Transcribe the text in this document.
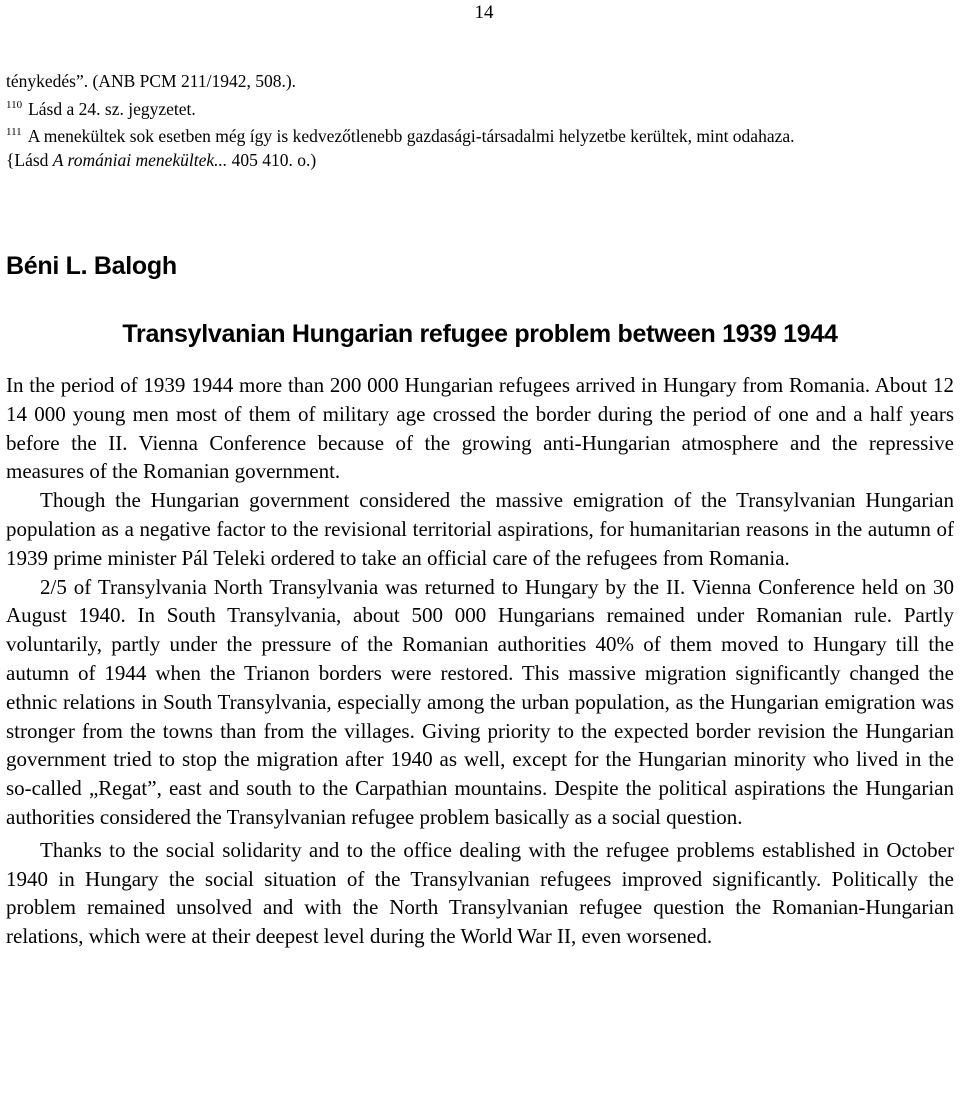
14

ténykedés”. (ANB PCM 211/1942, 508.).

$^{110}$ Lásd a 24. sz. jegyzetet.

$^{111}$ A menekültek sok esetben még így is kedvezőtlenebb gazdasági-társadalmi helyzetbe kerültek, mint odahaza.

{Lásd A romániai menekültek... 405 410. o.)

Béni L. Balogh
Transylvanian Hungarian refugee problem between 1939 1944

In the period of 1939 1944 more than 200 000 Hungarian refugees arrived in Hungary from Romania. About 12 14 000 young men most of them of military age crossed the border during the period of one and a half years before the II. Vienna Conference because of the growing anti-Hungarian atmosphere and the repressive measures of the Romanian government.

Though the Hungarian government considered the massive emigration of the Transylvanian Hungarian population as a negative factor to the revisional territorial aspirations, for humanitarian reasons in the autumn of 1939 prime minister Pál Teleki ordered to take an official care of the refugees from Romania.

2/5 of Transylvania North Transylvania was returned to Hungary by the II. Vienna Conference held on 30 August 1940. In South Transylvania, about 500 000 Hungarians remained under Romanian rule. Partly voluntarily, partly under the pressure of the Romanian authorities 40% of them moved to Hungary till the autumn of 1944 when the Trianon borders were restored. This massive migration significantly changed the ethnic relations in South Transylvania, especially among the urban population, as the Hungarian emigration was stronger from the towns than from the villages. Giving priority to the expected border revision the Hungarian government tried to stop the migration after 1940 as well, except for the Hungarian minority who lived in the so-called „Regat”, east and south to the Carpathian mountains. Despite the political aspirations the Hungarian authorities considered the Transylvanian refugee problem basically as a social question.

Thanks to the social solidarity and to the office dealing with the refugee problems established in October 1940 in Hungary the social situation of the Transylvanian refugees improved significantly. Politically the problem remained unsolved and with the North Transylvanian refugee question the Romanian-Hungarian relations, which were at their deepest level during the World War II, even worsened.
